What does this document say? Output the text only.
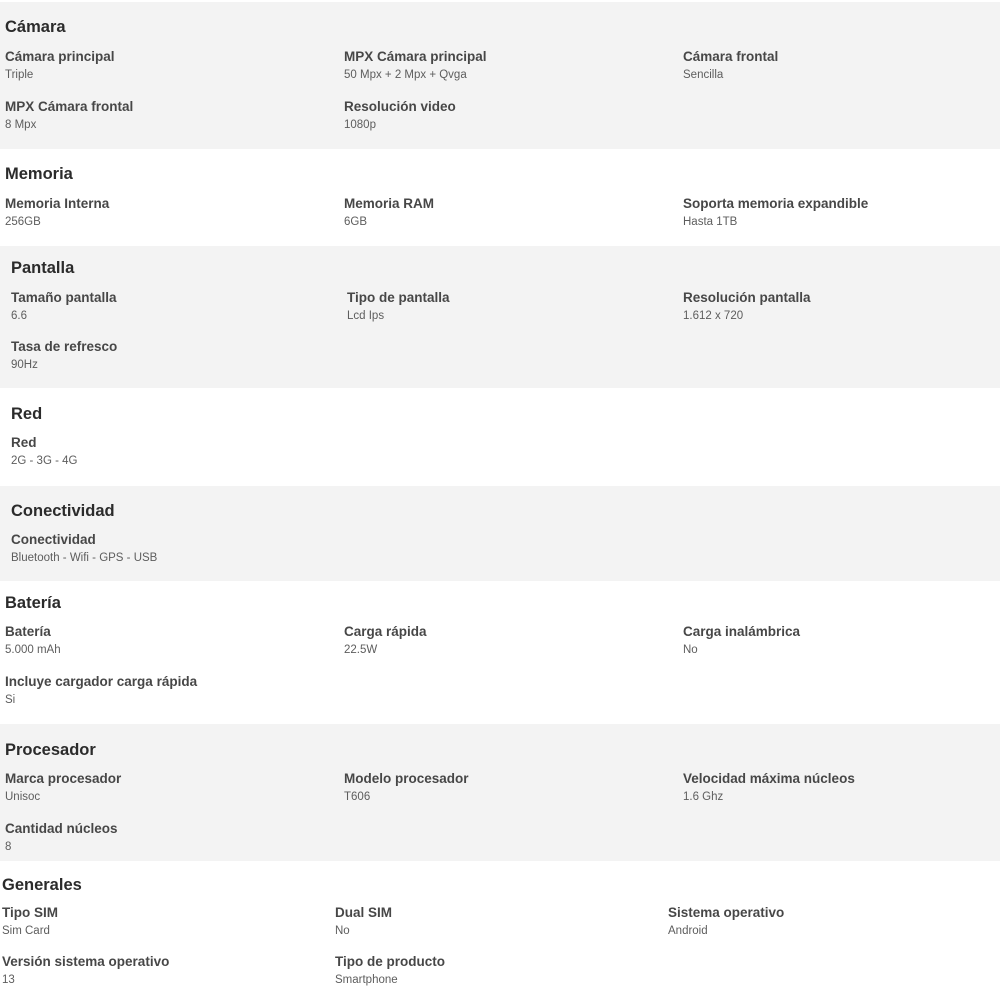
Cámara
Cámara principal
Triple
MPX Cámara principal
50 Mpx + 2 Mpx + Qvga
Cámara frontal
Sencilla
MPX Cámara frontal
8 Mpx
Resolución video
1080p
Memoria
Memoria Interna
256GB
Memoria RAM
6GB
Soporta memoria expandible
Hasta 1TB
Pantalla
Tamaño pantalla
6.6
Tipo de pantalla
Lcd Ips
Resolución pantalla
1.612 x 720
Tasa de refresco
90Hz
Red
Red
2G - 3G - 4G
Conectividad
Conectividad
Bluetooth - Wifi - GPS - USB
Batería
Batería
5.000 mAh
Carga rápida
22.5W
Carga inalámbrica
No
Incluye cargador carga rápida
Si
Procesador
Marca procesador
Unisoc
Modelo procesador
T606
Velocidad máxima núcleos
1.6 Ghz
Cantidad núcleos
8
Generales
Tipo SIM
Sim Card
Dual SIM
No
Sistema operativo
Android
Versión sistema operativo
13
Tipo de producto
Smartphone
